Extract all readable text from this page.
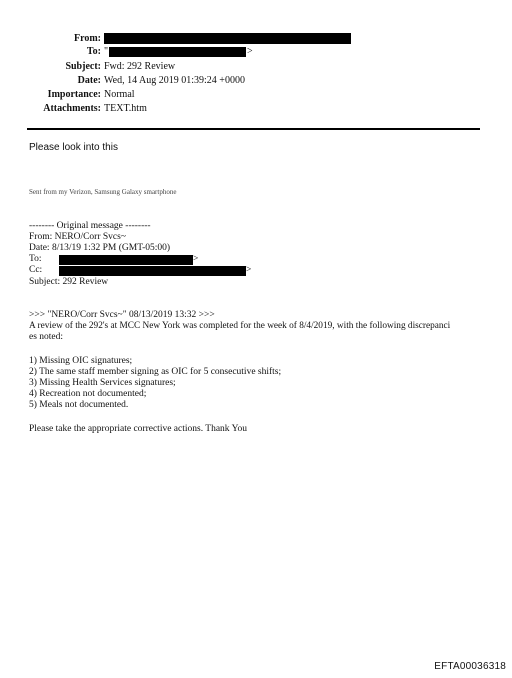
From:
To: "	>
Subject: Fwd: 292 Review
Date: Wed, 14 Aug 2019 01:39:24 +0000
Importance: Normal
Attachments: TEXT.htm
Please look into this
Sent from my Verizon, Samsung Galaxy smartphone
-------- Original message --------
From: NERO/Corr Svcs~
Date: 8/13/19 1:32 PM (GMT-05:00)
To:	>
Cc:	>
Subject: 292 Review
>>> "NERO/Corr Svcs~" 08/13/2019 13:32 >>>
A review of the 292's at MCC New York was completed for the week of 8/4/2019, with the following discrepanci
es noted:
1) Missing OIC signatures;
2) The same staff member signing as OIC for 5 consecutive shifts;
3) Missing Health Services signatures;
4) Recreation not documented;
5) Meals not documented.
Please take the appropriate corrective actions. Thank You
EFTA00036318
